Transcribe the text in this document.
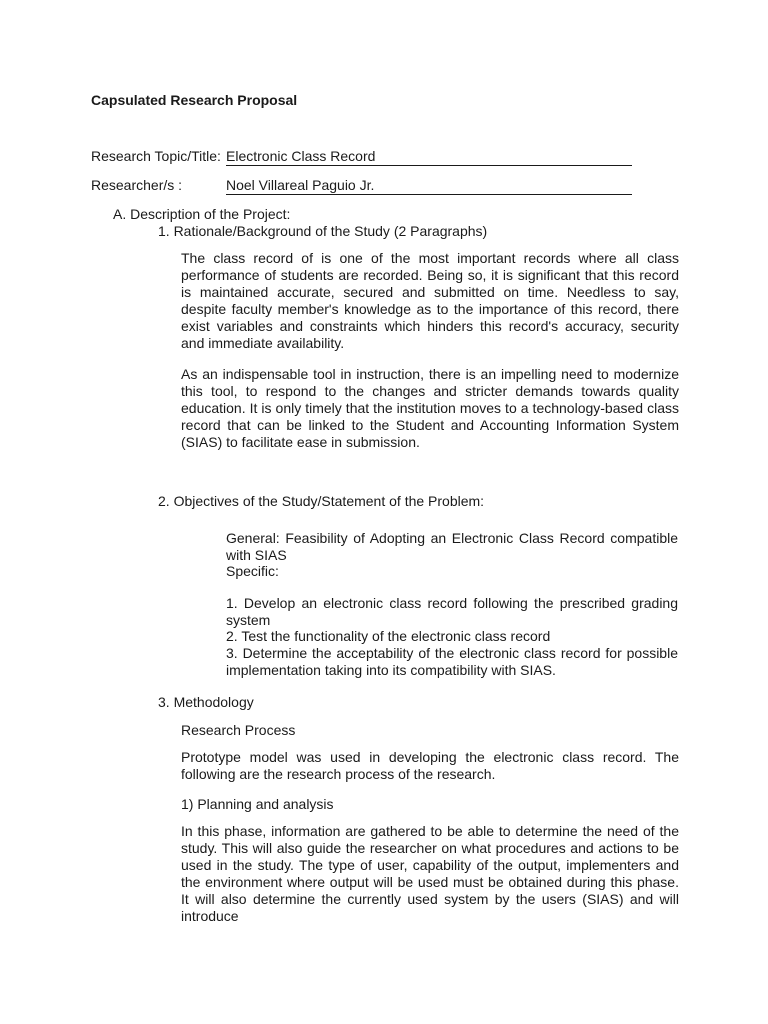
Capsulated Research Proposal
Research Topic/Title: Electronic Class Record
Researcher/s :	Noel Villareal Paguio Jr.
A. Description of the Project:
1. Rationale/Background of the Study (2 Paragraphs)
The class record of is one of the most important records where all class performance of students are recorded. Being so, it is significant that this record is maintained accurate, secured and submitted on time. Needless to say, despite faculty member's knowledge as to the importance of this record, there exist variables and constraints which hinders this record's accuracy, security and immediate availability.
As an indispensable tool in instruction, there is an impelling need to modernize this tool, to respond to the changes and stricter demands towards quality education. It is only timely that the institution moves to a technology-based class record that can be linked to the Student and Accounting Information System (SIAS) to facilitate ease in submission.
2. Objectives of the Study/Statement of the Problem:
General: Feasibility of Adopting an Electronic Class Record compatible with SIAS
Specific:
1. Develop an electronic class record following the prescribed grading system
2. Test the functionality of the electronic class record
3. Determine the acceptability of the electronic class record for possible implementation taking into its compatibility with SIAS.
3. Methodology
Research Process
Prototype model was used in developing the electronic class record. The following are the research process of the research.
1) Planning and analysis
In this phase, information are gathered to be able to determine the need of the study. This will also guide the researcher on what procedures and actions to be used in the study. The type of user, capability of the output, implementers and the environment where output will be used must be obtained during this phase. It will also determine the currently used system by the users (SIAS) and will introduce
